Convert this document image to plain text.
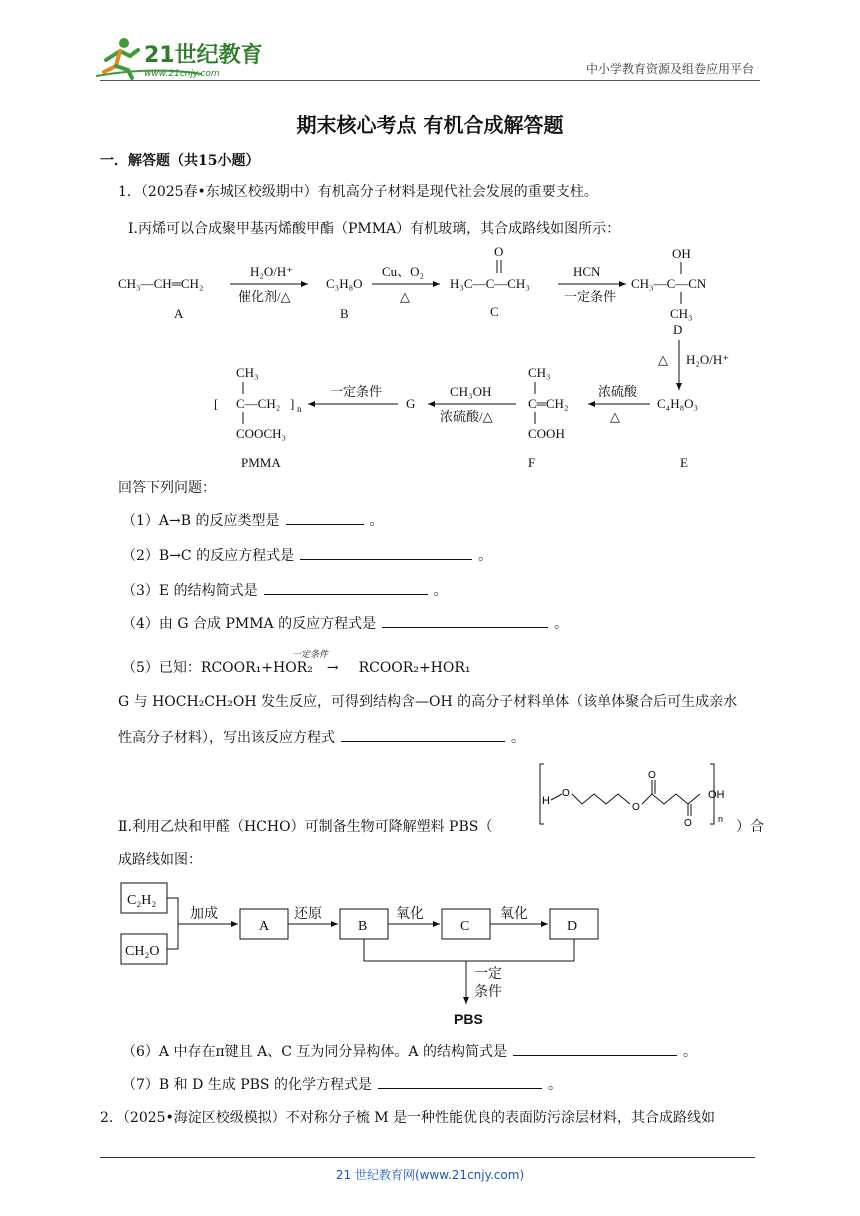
21世纪教育
www.21cnjy.com	中小学教育资源及组卷应用平台
期末核心考点 有机合成解答题
一．解答题（共15小题）
1．（2025春•东城区校级期中）有机高分子材料是现代社会发展的重要支柱。
Ⅰ.丙烯可以合成聚甲基丙烯酸甲酯（PMMA）有机玻璃，其合成路线如图所示：
CH₃—CH═CH₂
H₂O/H⁺
催化剂/△
C₃H₈O
Cu、O₂
△
O
H₃C—C—CH₃
HCN
一定条件
OH
CH₃—C—CN
CH₃
A	B	C
D
△ H₂O/H⁺
C₄H₈O₃
浓硫酸
△
CH₃
C═CH₂
COOH
CH₃OH
浓硫酸/△
G
一定条件
CH₃
[ C—CH₂ ] n
COOCH₃
PMMA	F	E
回答下列问题：
（1）A→B 的反应类型是	。
（2）B→C 的反应方程式是	。
（3）E 的结构简式是	。
（4）由 G 合成 PMMA 的反应方程式是	。
一定条件
（5）已知：RCOOR₁+HOR₂ → RCOOR₂+HOR₁
G 与 HOCH₂CH₂OH 发生反应，可得到结构含—OH 的高分子材料单体（该单体聚合后可生成亲水
性高分子材料），写出该反应方程式	。
H
O
O
O
O
OH
n
Ⅱ.利用乙炔和甲醛（HCHO）可制备生物可降解塑料 PBS（	）合
成路线如图：
C₂H₂
CH₂O
加成
A
还原
B
氧化
C
氧化
D
一定
条件
PBS
（6）A 中存在π键且 A、C 互为同分异构体。A 的结构简式是	。
（7）B 和 D 生成 PBS 的化学方程式是	。
2．（2025•海淀区校级模拟）不对称分子梳 M 是一种性能优良的表面防污涂层材料，其合成路线如
21 世纪教育网(www.21cnjy.com)
